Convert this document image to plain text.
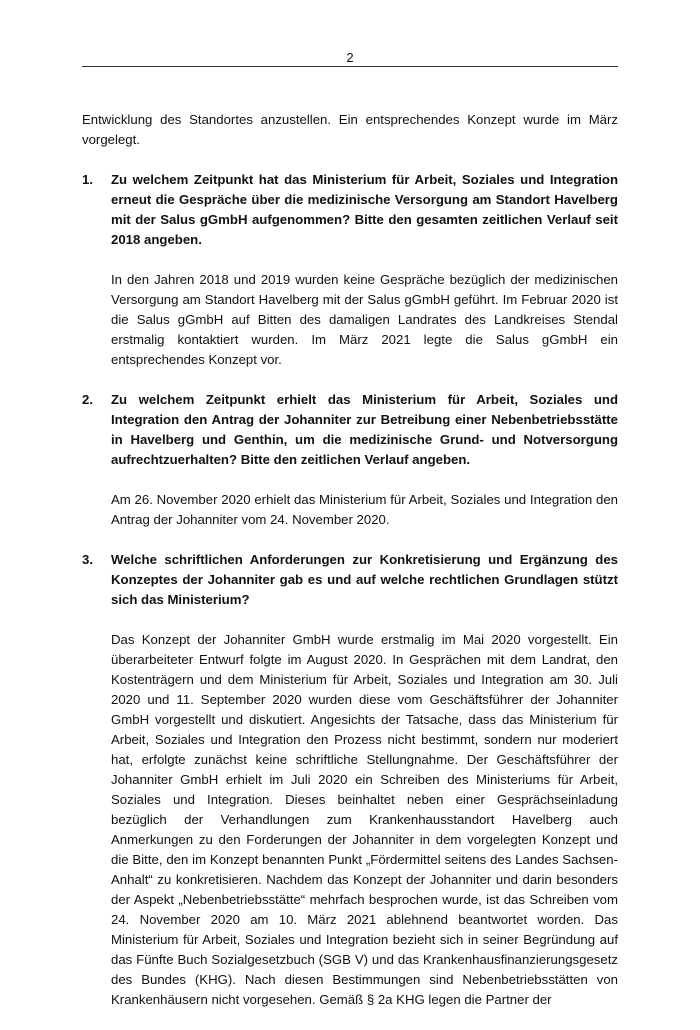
2

Entwicklung des Standortes anzustellen. Ein entsprechendes Konzept wurde im März vorgelegt.

1.	Zu welchem Zeitpunkt hat das Ministerium für Arbeit, Soziales und Integration erneut die Gespräche über die medizinische Versorgung am Standort Havelberg mit der Salus gGmbH aufgenommen? Bitte den gesamten zeitlichen Verlauf seit 2018 angeben.

In den Jahren 2018 und 2019 wurden keine Gespräche bezüglich der medizinischen Versorgung am Standort Havelberg mit der Salus gGmbH geführt. Im Februar 2020 ist die Salus gGmbH auf Bitten des damaligen Landrates des Landkreises Stendal erstmalig kontaktiert wurden. Im März 2021 legte die Salus gGmbH ein entsprechendes Konzept vor.

2.	Zu welchem Zeitpunkt erhielt das Ministerium für Arbeit, Soziales und Integration den Antrag der Johanniter zur Betreibung einer Nebenbetriebsstätte in Havelberg und Genthin, um die medizinische Grund- und Notversorgung aufrechtzuerhalten? Bitte den zeitlichen Verlauf angeben.

Am 26. November 2020 erhielt das Ministerium für Arbeit, Soziales und Integration den Antrag der Johanniter vom 24. November 2020.

3.	Welche schriftlichen Anforderungen zur Konkretisierung und Ergänzung des Konzeptes der Johanniter gab es und auf welche rechtlichen Grundlagen stützt sich das Ministerium?

Das Konzept der Johanniter GmbH wurde erstmalig im Mai 2020 vorgestellt. Ein überarbeiteter Entwurf folgte im August 2020. In Gesprächen mit dem Landrat, den Kostenträgern und dem Ministerium für Arbeit, Soziales und Integration am 30. Juli 2020 und 11. September 2020 wurden diese vom Geschäftsführer der Johanniter GmbH vorgestellt und diskutiert. Angesichts der Tatsache, dass das Ministerium für Arbeit, Soziales und Integration den Prozess nicht bestimmt, sondern nur moderiert hat, erfolgte zunächst keine schriftliche Stellungnahme. Der Geschäftsführer der Johanniter GmbH erhielt im Juli 2020 ein Schreiben des Ministeriums für Arbeit, Soziales und Integration. Dieses beinhaltet neben einer Gesprächseinladung bezüglich der Verhandlungen zum Krankenhausstandort Havelberg auch Anmerkungen zu den Forderungen der Johanniter in dem vorgelegten Konzept und die Bitte, den im Konzept benannten Punkt „Fördermittel seitens des Landes Sachsen-Anhalt“ zu konkretisieren. Nachdem das Konzept der Johanniter und darin besonders der Aspekt „Nebenbetriebsstätte“ mehrfach besprochen wurde, ist das Schreiben vom 24. November 2020 am 10. März 2021 ablehnend beantwortet worden. Das Ministerium für Arbeit, Soziales und Integration bezieht sich in seiner Begründung auf das Fünfte Buch Sozialgesetzbuch (SGB V) und das Krankenhausfinanzierungsgesetz des Bundes (KHG). Nach diesen Bestimmungen sind Nebenbetriebsstätten von Krankenhäusern nicht vorgesehen. Gemäß § 2a KHG legen die Partner der
